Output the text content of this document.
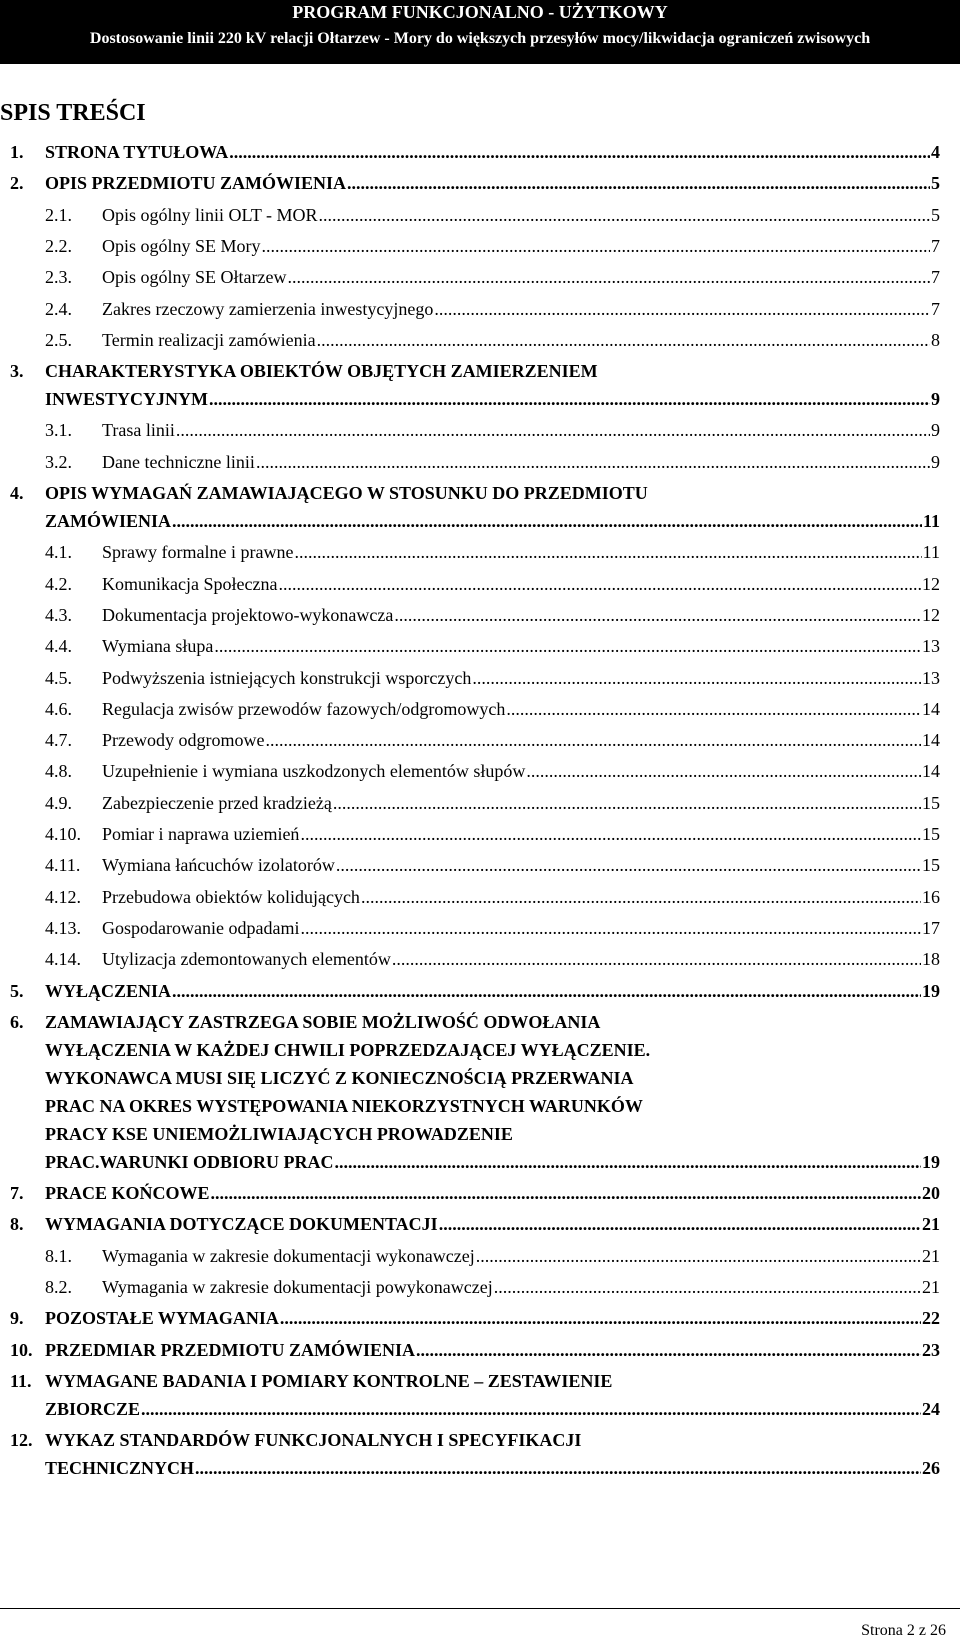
PROGRAM FUNKCJONALNO - UŻYTKOWY
Dostosowanie linii 220 kV relacji Ołtarzew - Mory do większych przesyłów mocy/likwidacja ograniczeń zwisowych
SPIS TREŚCI
1.	STRONA TYTUŁOWA .....	4
2.	OPIS PRZEDMIOTU ZAMÓWIENIA .....	5
2.1.	Opis ogólny linii OLT - MOR .....	5
2.2.	Opis ogólny SE Mory .....	7
2.3.	Opis ogólny SE Ołtarzew .....	7
2.4.	Zakres rzeczowy zamierzenia inwestycyjnego .....	7
2.5.	Termin realizacji zamówienia .....	8
3.	CHARAKTERYSTYKA OBIEKTÓW OBJĘTYCH ZAMIERZENIEM
INWESTYCYJNYM .....	9
3.1.	Trasa linii .....	9
3.2.	Dane techniczne linii .....	9
4.	OPIS WYMAGAŃ ZAMAWIAJĄCEGO W STOSUNKU DO PRZEDMIOTU
ZAMÓWIENIA .....	11
4.1.	Sprawy formalne i prawne .....	11
4.2.	Komunikacja Społeczna .....	12
4.3.	Dokumentacja projektowo-wykonawcza .....	12
4.4.	Wymiana słupa .....	13
4.5.	Podwyższenia istniejących konstrukcji wsporczych .....	13
4.6.	Regulacja zwisów przewodów fazowych/odgromowych .....	14
4.7.	Przewody odgromowe .....	14
4.8.	Uzupełnienie i wymiana uszkodzonych elementów słupów .....	14
4.9.	Zabezpieczenie przed kradzieżą .....	15
4.10.	Pomiar i naprawa uziemień .....	15
4.11.	Wymiana łańcuchów izolatorów .....	15
4.12.	Przebudowa obiektów kolidujących .....	16
4.13.	Gospodarowanie odpadami .....	17
4.14.	Utylizacja zdemontowanych elementów .....	18
5.	WYŁĄCZENIA .....	19
6.	ZAMAWIAJĄCY ZASTRZEGA SOBIE MOŻLIWOŚĆ ODWOŁANIA
WYŁĄCZENIA W KAŻDEJ CHWILI POPRZEDZAJĄCEJ WYŁĄCZENIE.
WYKONAWCA MUSI SIĘ LICZYĆ Z KONIECZNOŚCIĄ PRZERWANIA
PRAC NA OKRES WYSTĘPOWANIA NIEKORZYSTNYCH WARUNKÓW
PRACY KSE UNIEMOŻLIWIAJĄCYCH PROWADZENIE
PRAC.WARUNKI ODBIORU PRAC .....	19
7.	PRACE KOŃCOWE .....	20
8.	WYMAGANIA DOTYCZĄCE DOKUMENTACJI .....	21
8.1.	Wymagania w zakresie dokumentacji wykonawczej .....	21
8.2.	Wymagania w zakresie dokumentacji powykonawczej .....	21
9.	POZOSTAŁE WYMAGANIA .....	22
10. PRZEDMIAR PRZEDMIOTU ZAMÓWIENIA .....	23
11. WYMAGANE BADANIA I POMIARY KONTROLNE – ZESTAWIENIE
ZBIORCZE .....	24
12. WYKAZ STANDARDÓW FUNKCJONALNYCH I SPECYFIKACJI
TECHNICZNYCH .....	26
Strona 2 z 26
